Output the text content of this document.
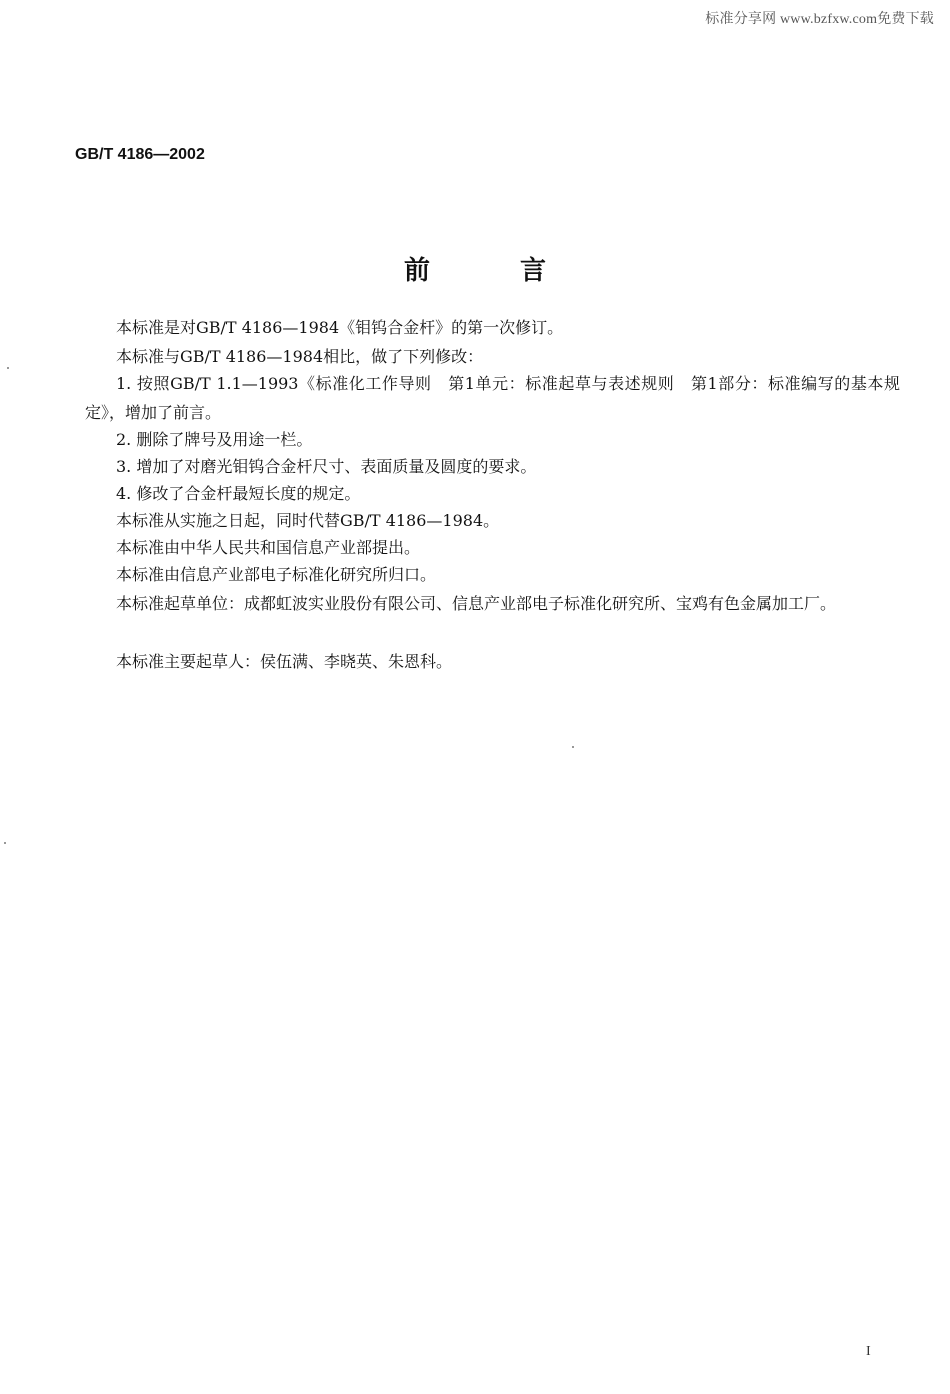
标准分享网 www.bzfxw.com免费下载
GB/T 4186—2002
前言

本标准是对GB/T 4186—1984《钼钨合金杆》的第一次修订。

本标准与GB/T 4186—1984相比，做了下列修改：

1. 按照GB/T 1.1—1993《标准化工作导则　第1单元：标准起草与表述规则　第1部分：标准编写的基本规定》，增加了前言。

2. 删除了牌号及用途一栏。

3. 增加了对磨光钼钨合金杆尺寸、表面质量及圆度的要求。

4. 修改了合金杆最短长度的规定。

本标准从实施之日起，同时代替GB/T 4186—1984。

本标准由中华人民共和国信息产业部提出。

本标准由信息产业部电子标准化研究所归口。

本标准起草单位：成都虹波实业股份有限公司、信息产业部电子标准化研究所、宝鸡有色金属加工厂。

本标准主要起草人：侯伍满、李晓英、朱恩科。

I
